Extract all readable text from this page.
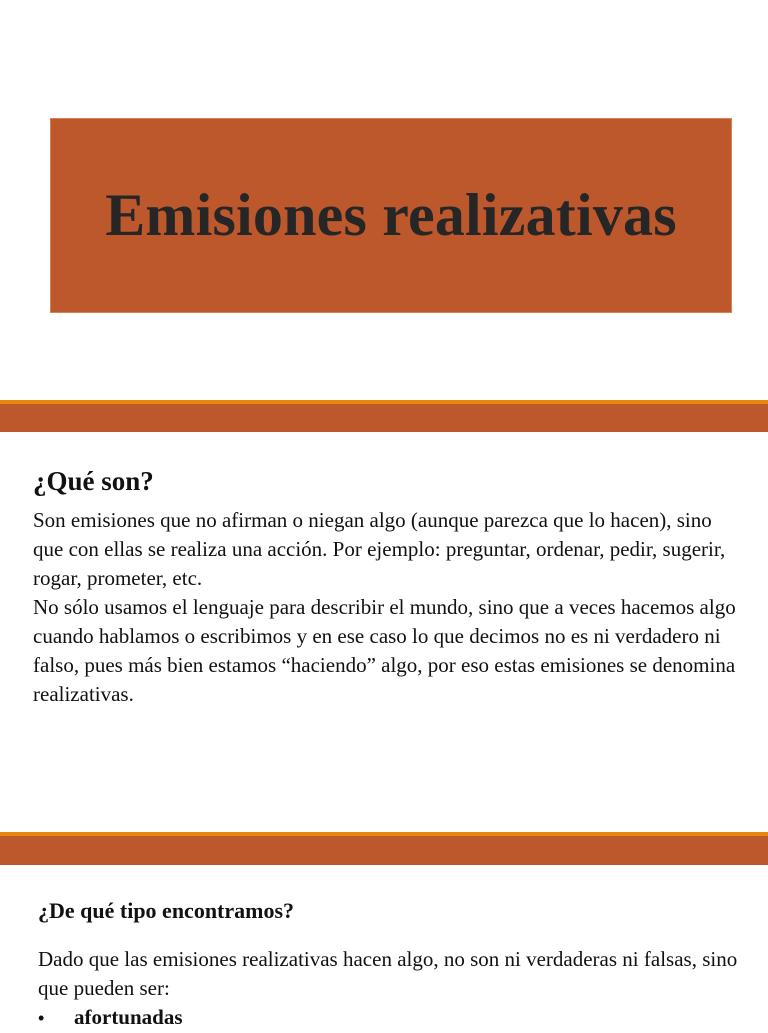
Emisiones realizativas
¿Qué son?

Son emisiones que no afirman o niegan algo (aunque parezca que lo hacen), sino que con ellas se realiza una acción. Por ejemplo: preguntar, ordenar, pedir, sugerir, rogar, prometer, etc.

No sólo usamos el lenguaje para describir el mundo, sino que a veces hacemos algo cuando hablamos o escribimos y en ese caso lo que decimos no es ni verdadero ni falso, pues más bien estamos “haciendo” algo, por eso estas emisiones se denomina realizativas.

¿De qué tipo encontramos?

Dado que las emisiones realizativas hacen algo, no son ni verdaderas ni falsas, sino que pueden ser:

•	afortunadas
